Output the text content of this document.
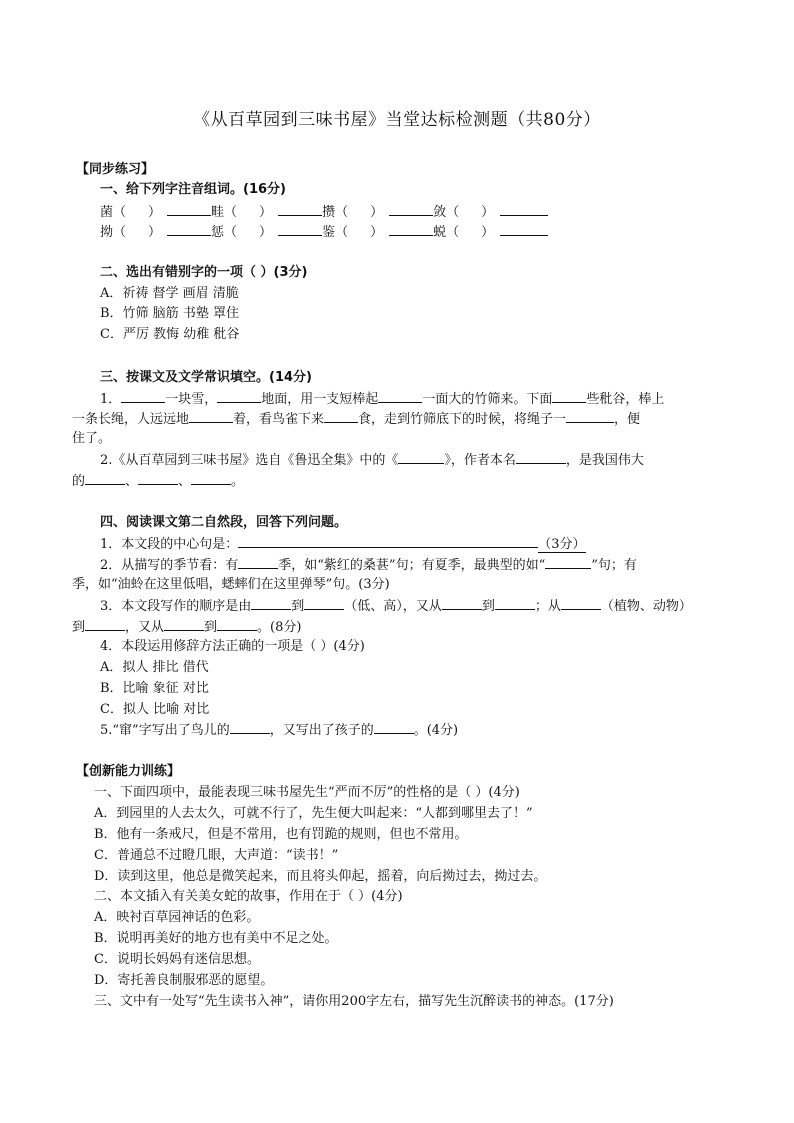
《从百草园到三味书屋》当堂达标检测题（共80分）
【同步练习】
一、给下列字注音组词。(16分)
菌（ ）	畦（ ）	攒（ ）	敛（ ）
拗（ ）	惩（ ）	鉴（ ）	蜕（ ）
二、选出有错别字的一项（ ）(3分)
A．祈祷 督学 画眉 清脆
B．竹筛 脑筋 书塾 罩住
C．严厉 教悔 幼稚 秕谷
三、按课文及文学常识填空。(14分)
1．	一块雪，	地面，用一支短棒起	一面大的竹筛来。下面	些秕谷，棒上
一条长绳，人远远地	着，看鸟雀下来	食，走到竹筛底下的时候，将绳子一	，便
住了。
2.《从百草园到三味书屋》选自《鲁迅全集》中的《	》，作者本名	，是我国伟大
的	、	、	。
四、阅读课文第二自然段，回答下列问题。
1．本文段的中心句是：	（3分）
2．从描写的季节看：有	季，如“紫红的桑葚”句；有夏季，最典型的如“	”句；有
季，如“油蛉在这里低唱，蟋蟀们在这里弹琴”句。(3分)
3．本文段写作的顺序是由	到	（低、高），又从	到	；从	（植物、动物）
到	，又从	到	。(8分)
4．本段运用修辞方法正确的一项是（ ）(4分)
A．拟人 排比 借代
B．比喻 象征 对比
C．拟人 比喻 对比
5.“窜”字写出了鸟儿的	，又写出了孩子的	。(4分)
【创新能力训练】
一、下面四项中，最能表现三味书屋先生“严而不厉”的性格的是（ ）(4分)
A．到园里的人去太久，可就不行了，先生便大叫起来：“人都到哪里去了！”
B．他有一条戒尺，但是不常用，也有罚跪的规则，但也不常用。
C．普通总不过瞪几眼，大声道：“读书！”
D．读到这里，他总是微笑起来，而且将头仰起，摇着，向后拗过去，拗过去。
二、本文插入有关美女蛇的故事，作用在于（ ）(4分)
A．映衬百草园神话的色彩。
B．说明再美好的地方也有美中不足之处。
C．说明长妈妈有迷信思想。
D．寄托善良制服邪恶的愿望。
三、文中有一处写“先生读书入神”，请你用200字左右，描写先生沉醉读书的神态。(17分)
